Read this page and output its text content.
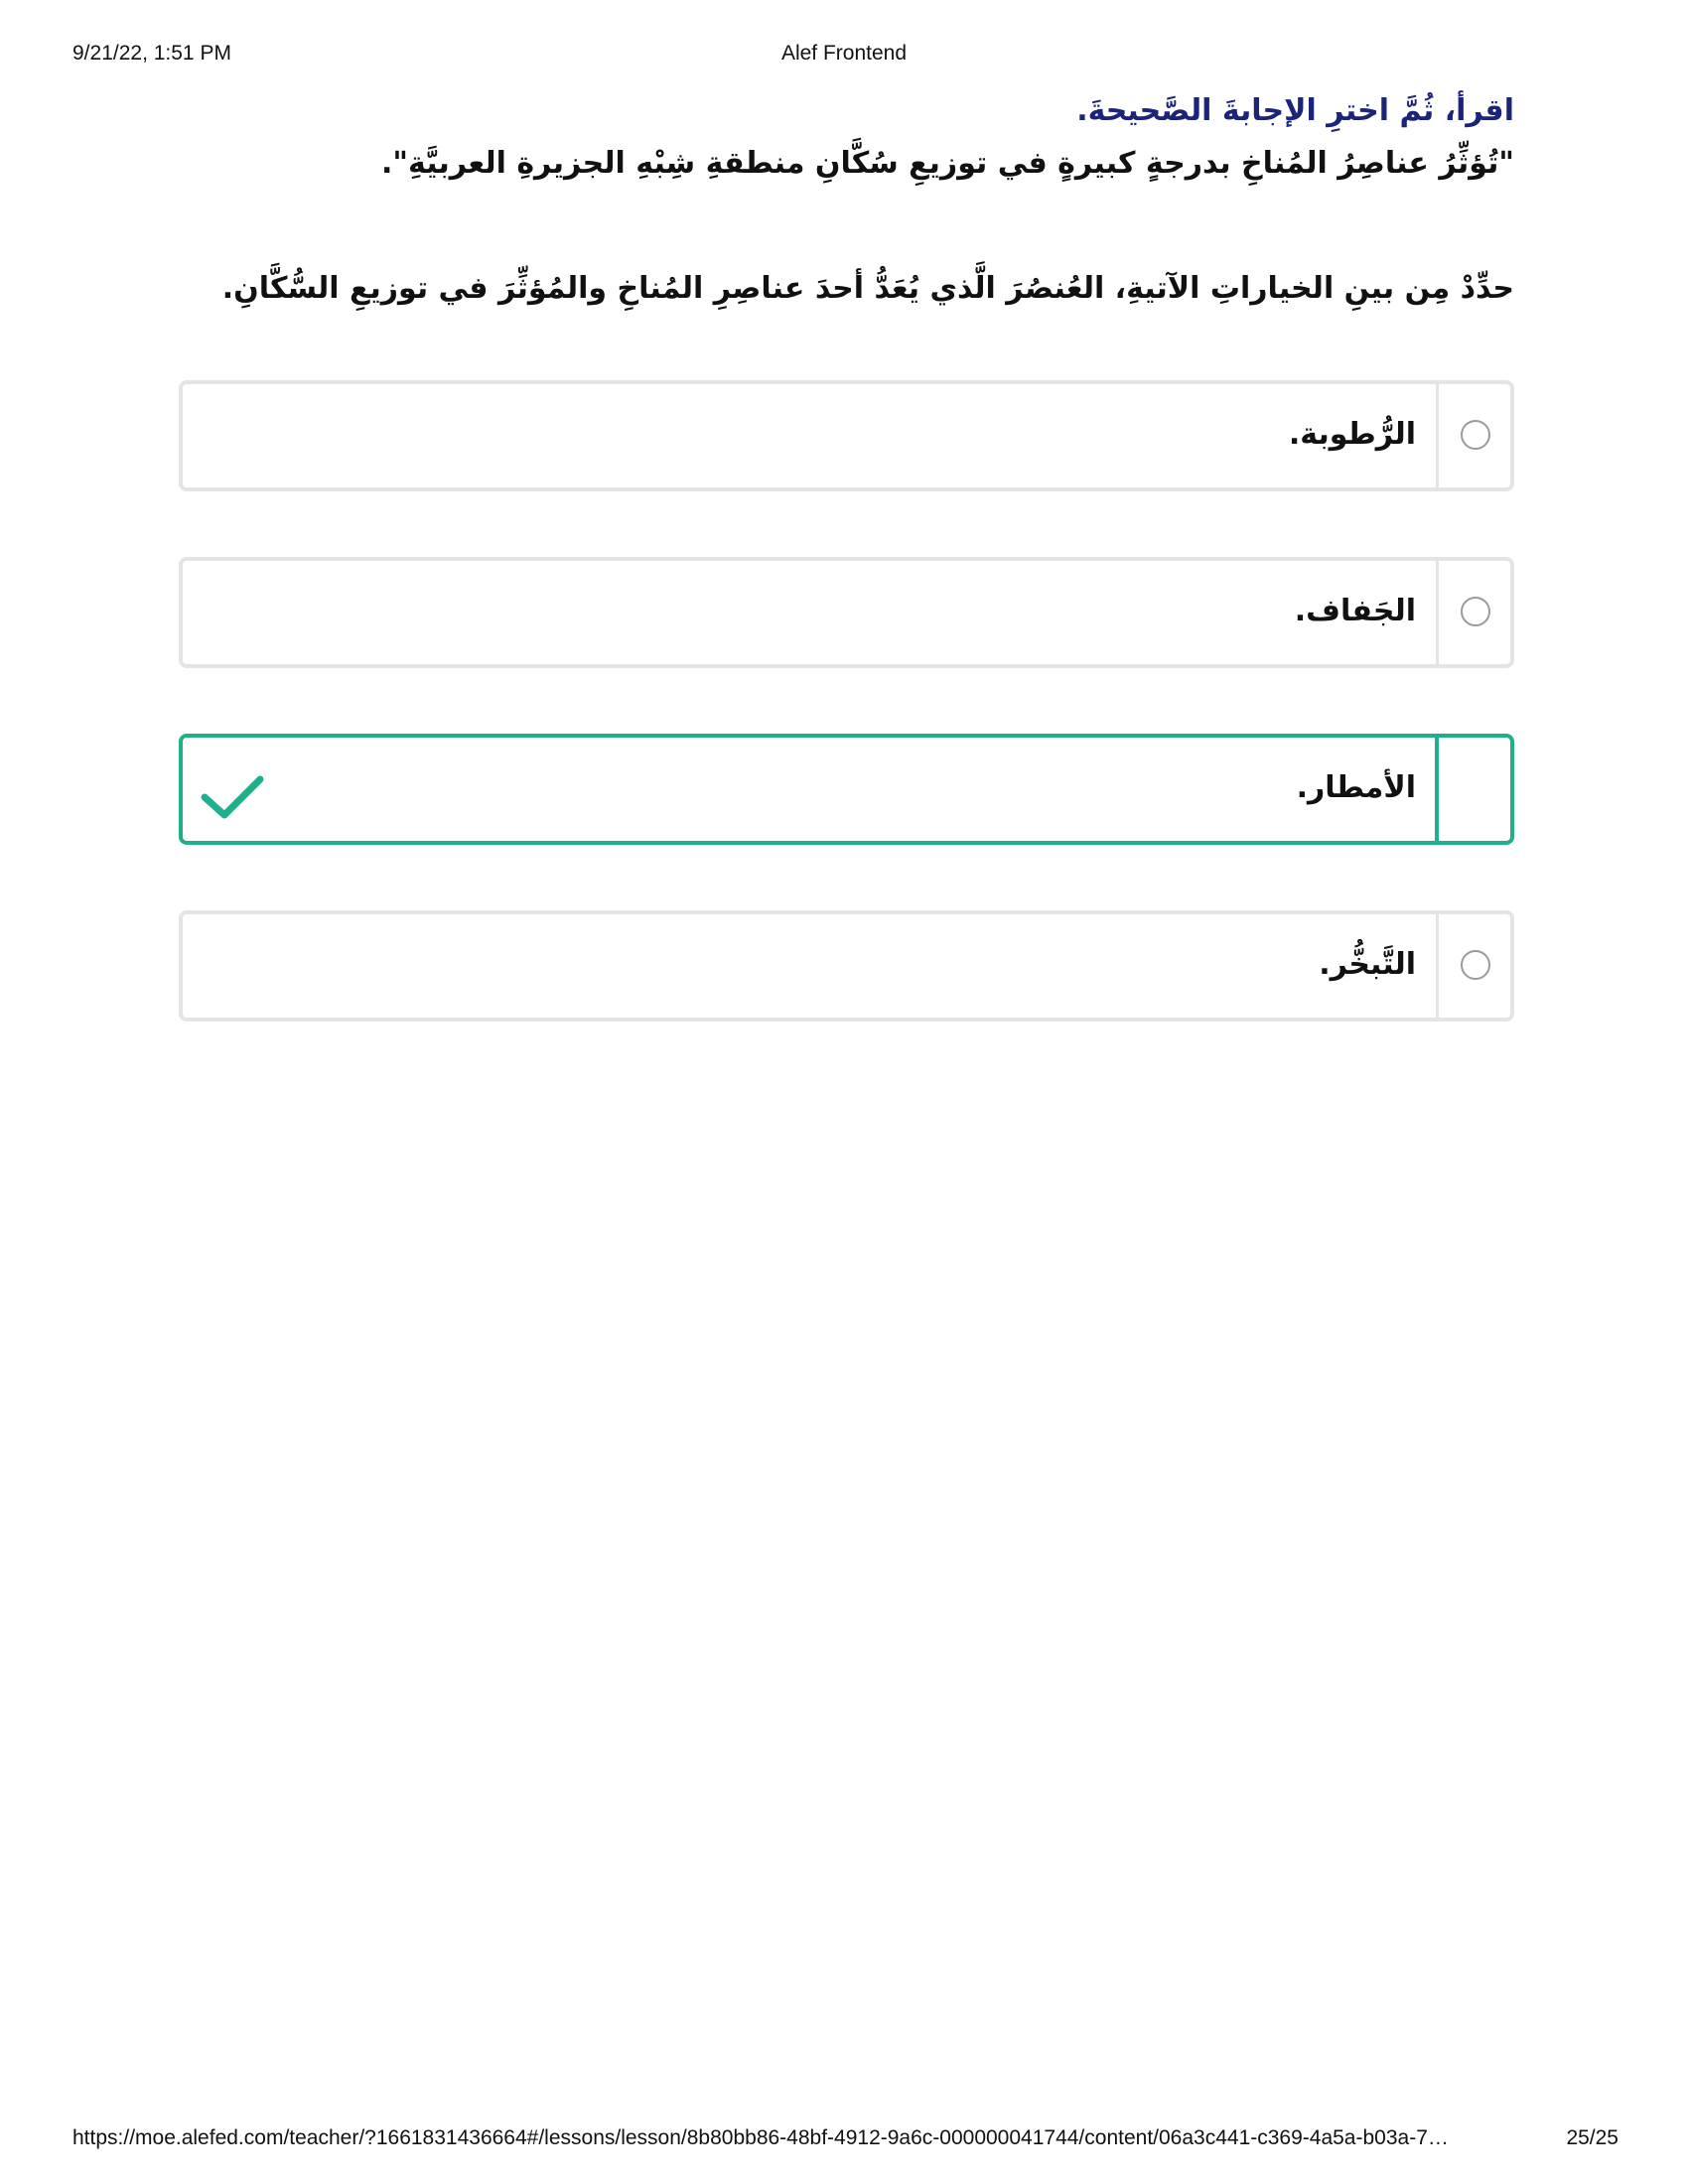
9/21/22, 1:51 PM	Alef Frontend

اقرأ، ثُمَّ اخترِ الإجابةَ الصَّحيحةَ.

"تُؤثِّرُ عناصِرُ المُناخِ بدرجةٍ كبيرةٍ في توزيعِ سُكَّانِ منطقةِ شِبْهِ الجزيرةِ العربيَّةِ".

حدِّدْ مِن بينِ الخياراتِ الآتيةِ، العُنصُرَ الَّذي يُعَدُّ أحدَ عناصِرِ المُناخِ والمُؤثِّرَ في توزيعِ السُّكَّانِ.

الرُّطوبة.
الجَفاف.
الأمطار.
التَّبخُّر.
https://moe.alefed.com/teacher/?1661831436664#/lessons/lesson/8b80bb86-48bf-4912-9a6c-000000041744/content/06a3c441-c369-4a5a-b03a-7…	25/25
